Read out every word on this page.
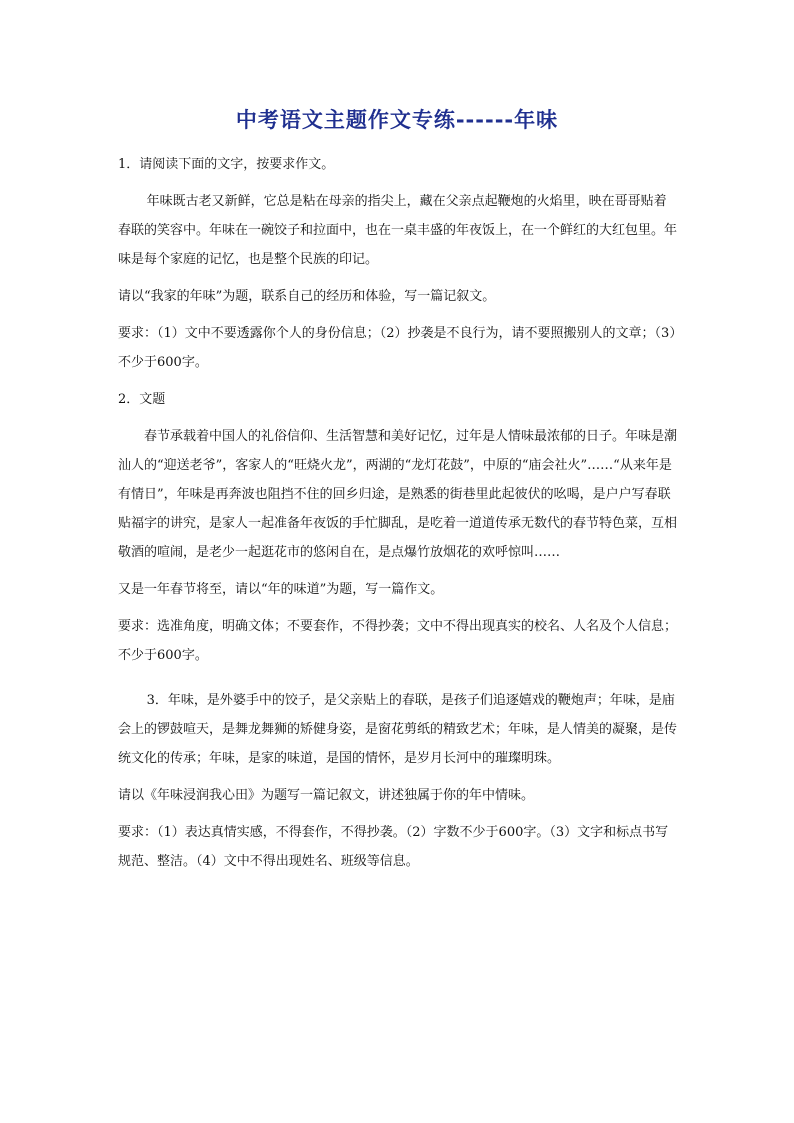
中考语文主题作文专练------年味

1．请阅读下面的文字，按要求作文。

年味既古老又新鲜，它总是粘在母亲的指尖上，藏在父亲点起鞭炮的火焰里，映在哥哥贴着春联的笑容中。年味在一碗饺子和拉面中，也在一桌丰盛的年夜饭上，在一个鲜红的大红包里。年味是每个家庭的记忆，也是整个民族的印记。

请以“我家的年味”为题，联系自己的经历和体验，写一篇记叙文。

要求：（1）文中不要透露你个人的身份信息；（2）抄袭是不良行为，请不要照搬别人的文章；（3）不少于600字。

2．文题

春节承载着中国人的礼俗信仰、生活智慧和美好记忆，过年是人情味最浓郁的日子。年味是潮汕人的“迎送老爷”，客家人的“旺烧火龙”，两湖的“龙灯花鼓”，中原的“庙会社火”……“从来年是有情日”，年味是再奔波也阻挡不住的回乡归途，是熟悉的街巷里此起彼伏的吆喝，是户户写春联贴福字的讲究，是家人一起准备年夜饭的手忙脚乱，是吃着一道道传承无数代的春节特色菜，互相敬酒的喧闹，是老少一起逛花市的悠闲自在，是点爆竹放烟花的欢呼惊叫……

又是一年春节将至，请以“年的味道”为题，写一篇作文。

要求：选准角度，明确文体；不要套作，不得抄袭；文中不得出现真实的校名、人名及个人信息；不少于600字。

3．年味，是外婆手中的饺子，是父亲贴上的春联，是孩子们追逐嬉戏的鞭炮声；年味，是庙会上的锣鼓喧天，是舞龙舞狮的矫健身姿，是窗花剪纸的精致艺术；年味，是人情美的凝聚，是传统文化的传承；年味，是家的味道，是国的情怀，是岁月长河中的璀璨明珠。

请以《年味浸润我心田》为题写一篇记叙文，讲述独属于你的年中情味。

要求：（1）表达真情实感，不得套作，不得抄袭。（2）字数不少于600字。（3）文字和标点书写规范、整洁。（4）文中不得出现姓名、班级等信息。
